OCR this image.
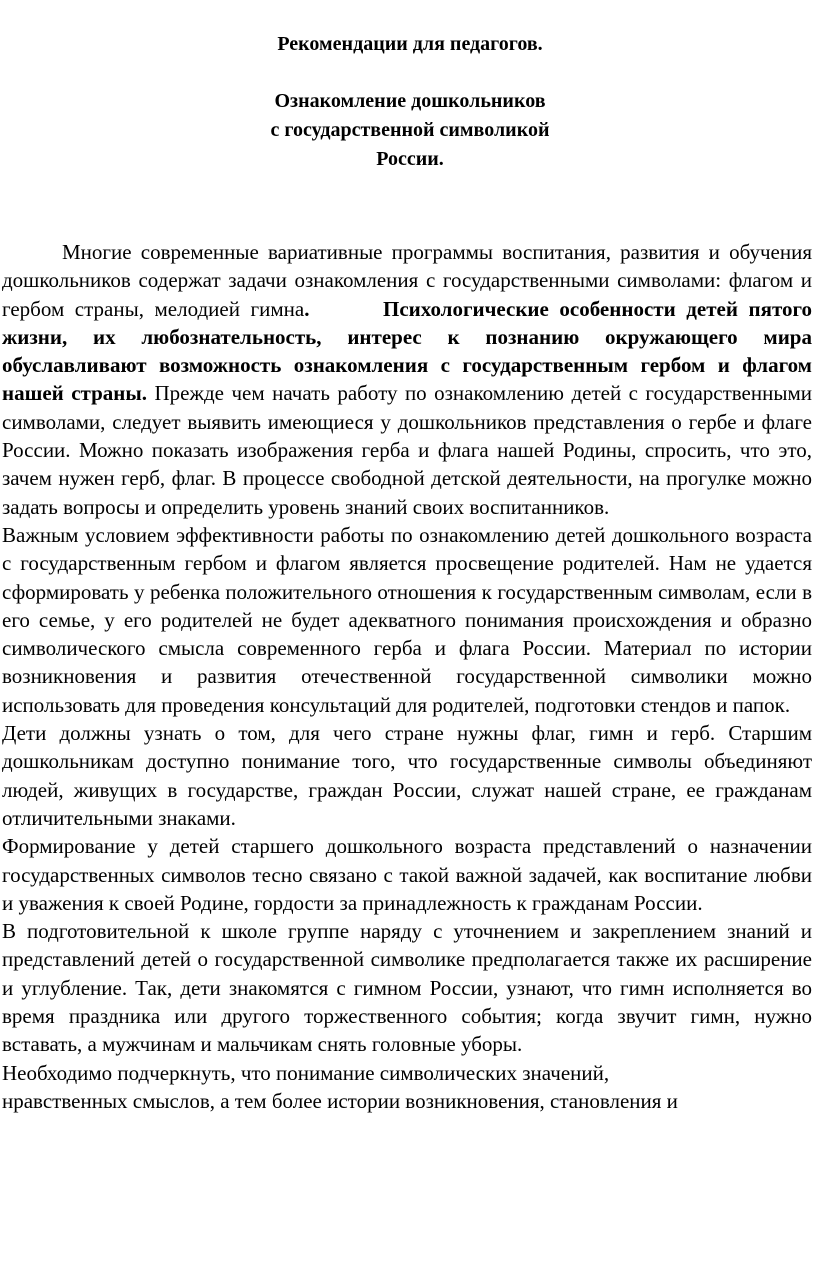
Рекомендации для педагогов.
Ознакомление дошкольников
с государственной символикой
России.

Многие современные вариативные программы воспитания, развития и обучения дошкольников содержат задачи ознакомления с государственными символами: флагом и гербом страны, мелодией гимна.    	Психологические особенности детей пятого жизни, их любознательность, интерес к познанию окружающего мира обуславливают возможность ознакомления с государственным гербом и флагом нашей страны. Прежде чем начать работу по ознакомлению детей с государственными символами, следует выявить имеющиеся у дошкольников представления о гербе и флаге России. Можно показать изображения герба и флага нашей Родины, спросить, что это, зачем нужен герб, флаг. В процессе свободной детской деятельности, на прогулке можно задать вопросы и определить уровень знаний своих воспитанников.

Важным условием эффективности работы по ознакомлению детей дошкольного возраста с государственным гербом и флагом является просвещение родителей. Нам не удается сформировать у ребенка положительного отношения к государственным символам, если в его семье, у его родителей не будет адекватного понимания происхождения и образно символического смысла современного герба и флага России. Материал по истории возникновения и развития отечественной государственной символики можно использовать для проведения консультаций для родителей, подготовки стендов и папок.

Дети должны узнать о том, для чего стране нужны флаг, гимн и герб. Старшим дошкольникам доступно понимание того, что государственные символы объединяют людей, живущих в государстве, граждан России, служат нашей стране, ее гражданам отличительными знаками.

Формирование у детей старшего дошкольного возраста представлений о назначении государственных символов тесно связано с такой важной задачей, как воспитание любви и уважения к своей Родине, гордости за принадлежность к гражданам России.

В подготовительной к школе группе наряду с уточнением и закреплением знаний и представлений детей о государственной символике предполагается также их расширение и углубление. Так, дети знакомятся с гимном России, узнают, что гимн исполняется во время праздника или другого торжественного события; когда звучит гимн, нужно вставать, а мужчинам и мальчикам снять головные уборы.

Необходимо подчеркнуть, что понимание символических значений,
нравственных смыслов, а тем более истории возникновения, становления и
